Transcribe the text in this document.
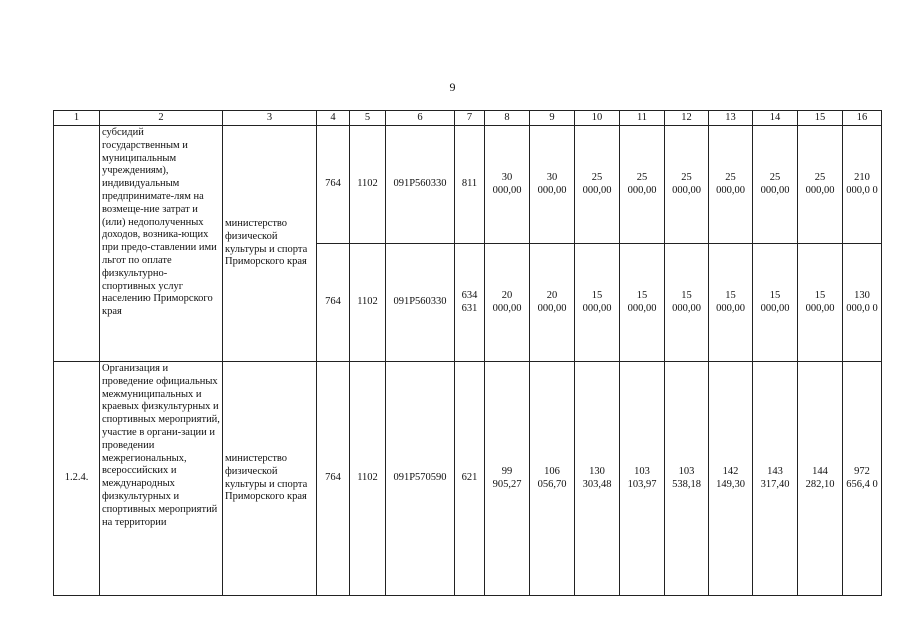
9
1	2	3	4	5	6	7	8	9	10	11	12	13	14	15	16
	субсидий государственным и муниципальным учреждениям), индивидуальным предпринимате-лям на возмеще-ние затрат и (или) недополученных доходов, возника-ющих при предо-ставлении ими льгот по оплате физкультурно-спортивных услуг населению Приморского края	министерство физической культуры и спорта Приморского края	764	1102	091P560330	811	30 000,00	30 000,00	25 000,00	25 000,00	25 000,00	25 000,00	25 000,00	25 000,00	210 000,0 0
			764	1102	091P560330	634 631	20 000,00	20 000,00	15 000,00	15 000,00	15 000,00	15 000,00	15 000,00	15 000,00	130 000,0 0
1.2.4.	Организация и проведение официальных межмуниципальных и краевых физкультурных и спортивных мероприятий, участие в органи-зации и проведении межрегиональных, всероссийских и международных физкультурных и спортивных мероприятий на территории	министерство физической культуры и спорта Приморского края	764	1102	091P570590	621	99 905,27	106 056,70	130 303,48	103 103,97	103 538,18	142 149,30	143 317,40	144 282,10	972 656,4 0
